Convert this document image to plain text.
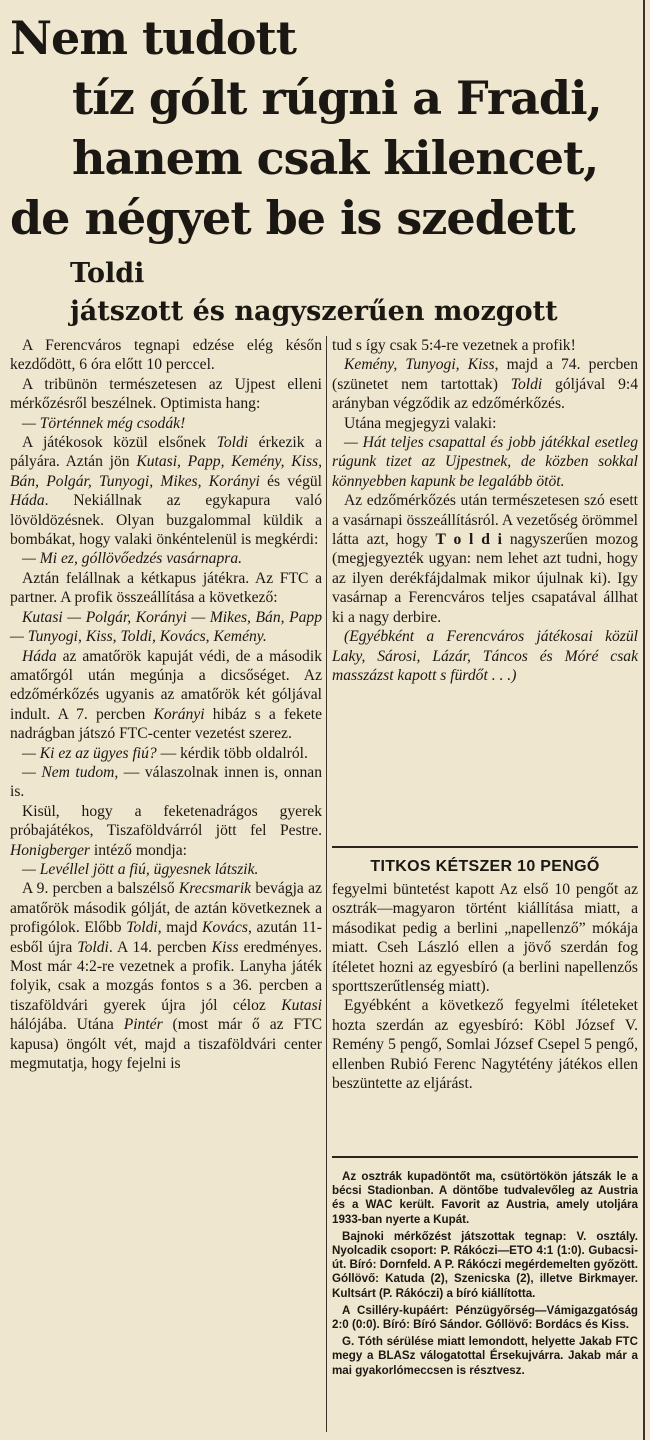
Nem tudott
tíz gólt rúgni a Fradi,
hanem csak kilencet,
de négyet be is szedett
Toldi
játszott és nagyszerűen mozgott

A Ferencváros tegnapi edzése elég későn kezdődött, 6 óra előtt 10 perccel.

A tribünön természetesen az Ujpest elleni mérkőzésről beszélnek. Optimista hang:

— Történnek még csodák!

A játékosok közül elsőnek Toldi érkezik a pályára. Aztán jön Kutasi, Papp, Kemény, Kiss, Bán, Polgár, Tunyogi, Mikes, Korányi és végül Háda. Nekiállnak az egykapura való lövöldözésnek. Olyan buzgalommal küldik a bombákat, hogy valaki önkéntelenül is megkérdi:

— Mi ez, góllövőedzés vasárnapra.

Aztán felállnak a kétkapus játékra. Az FTC a partner. A profik összeállítása a következő:

Kutasi — Polgár, Korányi — Mikes, Bán, Papp — Tunyogi, Kiss, Toldi, Kovács, Kemény.

Háda az amatőrök kapuját védi, de a második amatőrgól után megúnja a dicsőséget. Az edzőmérkőzés ugyanis az amatőrök két góljával indult. A 7. percben Korányi hibáz s a fekete nadrágban játszó FTC-center vezetést szerez.

— Ki ez az ügyes fiú? — kérdik több oldalról.

— Nem tudom, — válaszolnak innen is, onnan is.

Kisül, hogy a feketenadrágos gyerek próbajátékos, Tiszaföldvárról jött fel Pestre. Honigberger intéző mondja:

— Levéllel jött a fiú, ügyesnek látszik.

A 9. percben a balszélső Krecsmarik bevágja az amatőrök második gólját, de aztán következnek a profigólok. Előbb Toldi, majd Kovács, azután 11-esből újra Toldi. A 14. percben Kiss eredményes. Most már 4:2-re vezetnek a profik. Lanyha játék folyik, csak a mozgás fontos s a 36. percben a tiszaföldvári gyerek újra jól céloz Kutasi hálójába. Utána Pintér (most már ő az FTC kapusa) öngólt vét, majd a tiszaföldvári center megmutatja, hogy fejelni is

tud s így csak 5:4-re vezetnek a profik!

Kemény, Tunyogi, Kiss, majd a 74. percben (szünetet nem tartottak) Toldi góljával 9:4 arányban végződik az edzőmérkőzés.

Utána megjegyzi valaki:

— Hát teljes csapattal és jobb játékkal esetleg rúgunk tizet az Ujpestnek, de közben sokkal könnyebben kapunk be legalább ötöt.

Az edzőmérkőzés után természetesen szó esett a vasárnapi összeállításról. A vezetőség örömmel látta azt, hogy T o l d i nagyszerűen mozog (megjegyezték ugyan: nem lehet azt tudni, hogy az ilyen derékfájdalmak mikor újulnak ki). Igy vasárnap a Ferencváros teljes csapatával állhat ki a nagy derbire.

(Egyébként a Ferencváros játékosai közül Laky, Sárosi, Lázár, Táncos és Móré csak masszázst kapott s fürdőt . . .)

TITKOS KÉTSZER 10 PENGŐ

fegyelmi büntetést kapott Az első 10 pengőt az osztrák—magyaron történt kiállítása miatt, a másodikat pedig a berlini „napellenző” mókája miatt. Cseh László ellen a jövő szerdán fog ítéletet hozni az egyesbíró (a berlini napellenzős sporttszerűtlenség miatt).

Egyébként a következő fegyelmi ítéleteket hozta szerdán az egyesbíró: Köbl József V. Remény 5 pengő, Somlai József Csepel 5 pengő, ellenben Rubió Ferenc Nagytétény játékos ellen beszüntette az eljárást.

Az osztrák kupadöntőt ma, csütörtökön játszák le a bécsi Stadionban. A döntőbe tudvalevőleg az Austria és a WAC került. Favorit az Austria, amely utoljára 1933-ban nyerte a Kupát.

Bajnoki mérkőzést játszottak tegnap: V. osztály. Nyolcadik csoport: P. Rákóczi—ETO 4:1 (1:0). Gubacsi-út. Bíró: Dornfeld. A P. Rákóczi megérdemelten győzött. Góllövő: Katuda (2), Szenicska (2), illetve Birkmayer. Kultsárt (P. Rákóczi) a bíró kiállította.

A Csilléry-kupáért: Pénzügyőrség—Vámigazgatóság 2:0 (0:0). Bíró: Bíró Sándor. Góllövő: Bordács és Kiss.

G. Tóth sérülése miatt lemondott, helyette Jakab FTC megy a BLASz válogatottal Érsekujvárra. Jakab már a mai gyakorlómeccsen is résztvesz.
